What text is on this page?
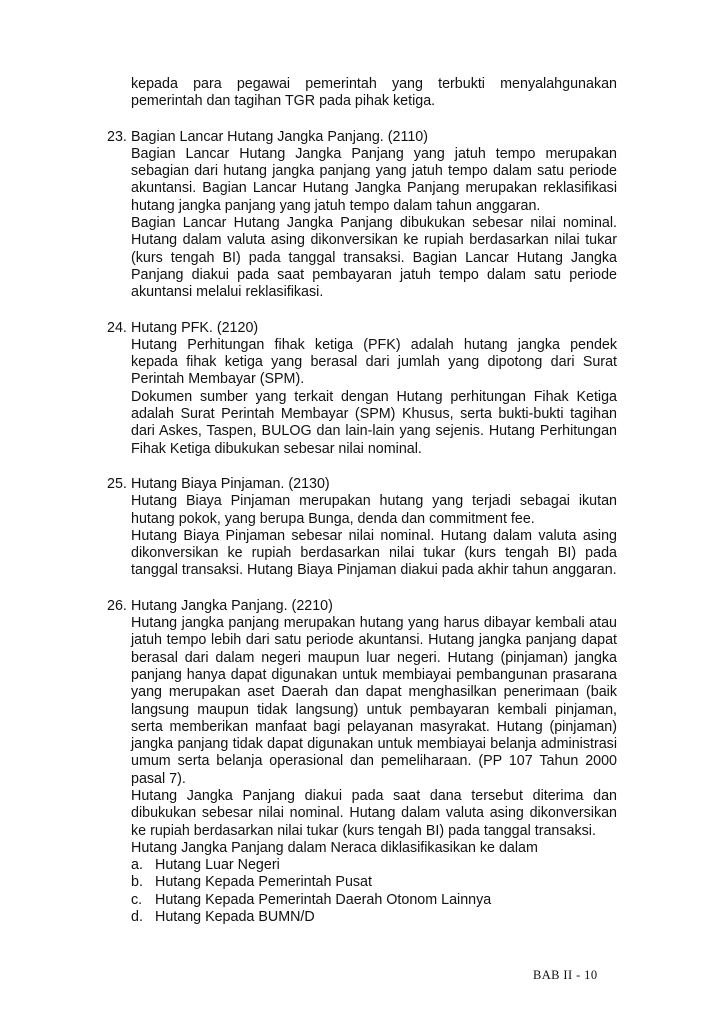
kepada para pegawai pemerintah yang terbukti menyalahgunakan pemerintah dan tagihan TGR pada pihak ketiga.

23. Bagian Lancar Hutang Jangka Panjang. (2110)

Bagian Lancar Hutang Jangka Panjang yang jatuh tempo merupakan sebagian dari hutang jangka panjang yang jatuh tempo dalam satu periode akuntansi. Bagian Lancar Hutang Jangka Panjang merupakan reklasifikasi hutang jangka panjang yang jatuh tempo dalam tahun anggaran.

Bagian Lancar Hutang Jangka Panjang dibukukan sebesar nilai nominal. Hutang dalam valuta asing dikonversikan ke rupiah berdasarkan nilai tukar (kurs tengah BI) pada tanggal transaksi. Bagian Lancar Hutang Jangka Panjang diakui pada saat pembayaran jatuh tempo dalam satu periode akuntansi melalui reklasifikasi.

24. Hutang PFK. (2120)

Hutang Perhitungan fihak ketiga (PFK) adalah hutang jangka pendek kepada fihak ketiga yang berasal dari jumlah yang dipotong dari Surat Perintah Membayar (SPM).

Dokumen sumber yang terkait dengan Hutang perhitungan Fihak Ketiga adalah Surat Perintah Membayar (SPM) Khusus, serta bukti-bukti tagihan dari Askes, Taspen, BULOG dan lain-lain yang sejenis. Hutang Perhitungan Fihak Ketiga dibukukan sebesar nilai nominal.

25. Hutang Biaya Pinjaman. (2130)

Hutang Biaya Pinjaman merupakan hutang yang terjadi sebagai ikutan hutang pokok, yang berupa Bunga, denda dan commitment fee.

Hutang Biaya Pinjaman sebesar nilai nominal. Hutang dalam valuta asing dikonversikan ke rupiah berdasarkan nilai tukar (kurs tengah BI) pada tanggal transaksi. Hutang Biaya Pinjaman diakui pada akhir tahun anggaran.

26. Hutang Jangka Panjang. (2210)

Hutang jangka panjang merupakan hutang yang harus dibayar kembali atau jatuh tempo lebih dari satu periode akuntansi. Hutang jangka panjang dapat berasal dari dalam negeri maupun luar negeri. Hutang (pinjaman) jangka panjang hanya dapat digunakan untuk membiayai pembangunan prasarana yang merupakan aset Daerah dan dapat menghasilkan penerimaan (baik langsung maupun tidak langsung) untuk pembayaran kembali pinjaman, serta memberikan manfaat bagi pelayanan masyrakat. Hutang (pinjaman) jangka panjang tidak dapat digunakan untuk membiayai belanja administrasi umum serta belanja operasional dan pemeliharaan. (PP 107 Tahun 2000 pasal 7).

Hutang Jangka Panjang diakui pada saat dana tersebut diterima dan dibukukan sebesar nilai nominal. Hutang dalam valuta asing dikonversikan ke rupiah berdasarkan nilai tukar (kurs tengah BI) pada tanggal transaksi.

Hutang Jangka Panjang dalam Neraca diklasifikasikan ke dalam

a. Hutang Luar Negeri
b. Hutang Kepada Pemerintah Pusat
c. Hutang Kepada Pemerintah Daerah Otonom Lainnya
d. Hutang Kepada BUMN/D
BAB II - 10
